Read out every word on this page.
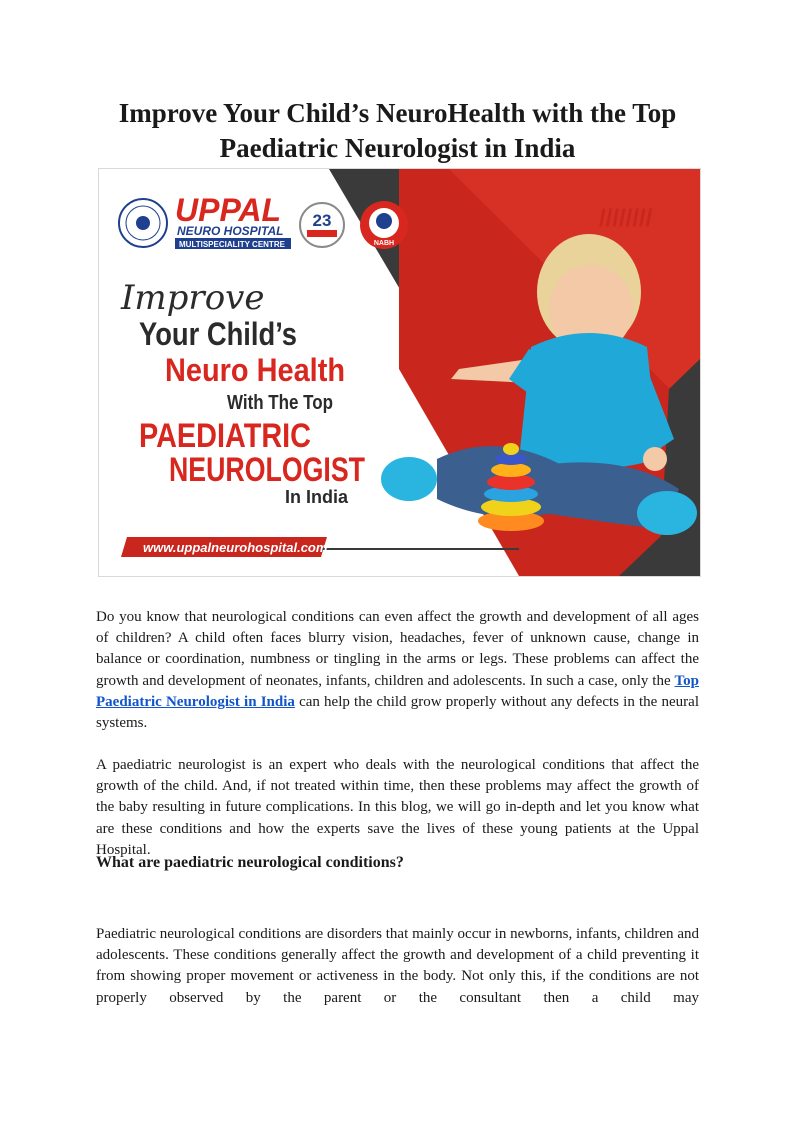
Improve Your Child’s NeuroHealth with the Top Paediatric Neurologist in India
////////
UPPAL
NEURO HOSPITAL
MULTISPECIALITY CENTRE
23
NABH
Improve
Your Child’s
Neuro Health
With The Top
PAEDIATRIC
NEUROLOGIST
In India
www.uppalneurohospital.com

Do you know that neurological conditions can even affect the growth and development of all ages of children? A child often faces blurry vision, headaches, fever of unknown cause, change in balance or coordination, numbness or tingling in the arms or legs. These problems can affect the growth and development of neonates, infants, children and adolescents. In such a case, only the Top Paediatric Neurologist in India can help the child grow properly without any defects in the neural systems.

A paediatric neurologist is an expert who deals with the neurological conditions that affect the growth of the child. And, if not treated within time, then these problems may affect the growth of the baby resulting in future complications. In this blog, we will go in-depth and let you know what are these conditions and how the experts save the lives of these young patients at the Uppal Hospital.

What are paediatric neurological conditions?

Paediatric neurological conditions are disorders that mainly occur in newborns, infants, children and adolescents. These conditions generally affect the growth and development of a child preventing it from showing proper movement or activeness in the body. Not only this, if the conditions are not properly observed by the parent or the consultant then a child may
